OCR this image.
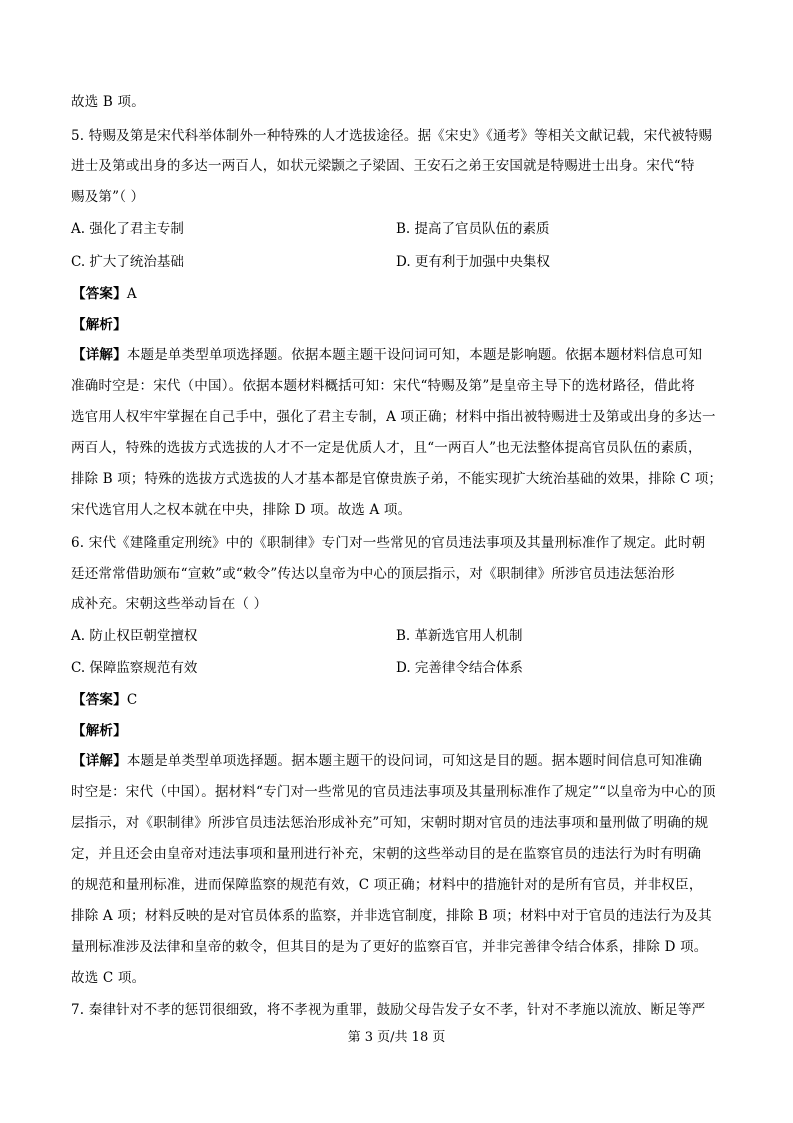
故选 B 项。
5. 特赐及第是宋代科举体制外一种特殊的人才选拔途径。据《宋史》《通考》等相关文献记载，宋代被特赐
进士及第或出身的多达一两百人，如状元梁颢之子梁固、王安石之弟王安国就是特赐进士出身。宋代“特
赐及第”（ ）
A. 强化了君主专制	B. 提高了官员队伍的素质
C. 扩大了统治基础	D. 更有利于加强中央集权
【答案】A
【解析】
【详解】本题是单类型单项选择题。依据本题主题干设问词可知，本题是影响题。依据本题材料信息可知
准确时空是：宋代（中国）。依据本题材料概括可知：宋代“特赐及第”是皇帝主导下的选材路径，借此将
选官用人权牢牢掌握在自己手中，强化了君主专制，A 项正确；材料中指出被特赐进士及第或出身的多达一
两百人，特殊的选拔方式选拔的人才不一定是优质人才，且“一两百人”也无法整体提高官员队伍的素质，
排除 B 项；特殊的选拔方式选拔的人才基本都是官僚贵族子弟，不能实现扩大统治基础的效果，排除 C 项；
宋代选官用人之权本就在中央，排除 D 项。故选 A 项。
6. 宋代《建隆重定刑统》中的《职制律》专门对一些常见的官员违法事项及其量刑标准作了规定。此时朝
廷还常常借助颁布“宣敕”或“敕令”传达以皇帝为中心的顶层指示，对《职制律》所涉官员违法惩治形
成补充。宋朝这些举动旨在（ ）
A. 防止权臣朝堂擅权	B. 革新选官用人机制
C. 保障监察规范有效	D. 完善律令结合体系
【答案】C
【解析】
【详解】本题是单类型单项选择题。据本题主题干的设问词，可知这是目的题。据本题时间信息可知准确
时空是：宋代（中国）。据材料“专门对一些常见的官员违法事项及其量刑标准作了规定”“以皇帝为中心的顶
层指示，对《职制律》所涉官员违法惩治形成补充”可知，宋朝时期对官员的违法事项和量刑做了明确的规
定，并且还会由皇帝对违法事项和量刑进行补充，宋朝的这些举动目的是在监察官员的违法行为时有明确
的规范和量刑标准，进而保障监察的规范有效，C 项正确；材料中的措施针对的是所有官员，并非权臣，
排除 A 项；材料反映的是对官员体系的监察，并非选官制度，排除 B 项；材料中对于官员的违法行为及其
量刑标准涉及法律和皇帝的敕令，但其目的是为了更好的监察百官，并非完善律令结合体系，排除 D 项。
故选 C 项。
7. 秦律针对不孝的惩罚很细致，将不孝视为重罪，鼓励父母告发子女不孝，针对不孝施以流放、断足等严
第 3 页/共 18 页
